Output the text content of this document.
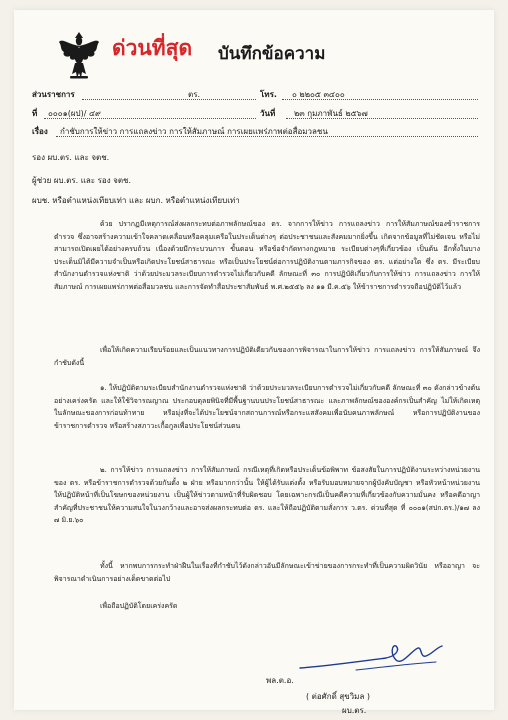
ด่วนที่สุด บันทึกข้อความ
ส่วนราชการ	ตร.	โทร. ๐ ๒๒๐๕ ๓๔๐๐
ที่ ๐๐๐๑(ผป)/ ๔๙	วันที่ ๒๓ กุมภาพันธ์ ๒๕๖๗
เรื่อง กำชับการให้ข่าว การแถลงข่าว การให้สัมภาษณ์ การเผยแพร่ภาพต่อสื่อมวลชน
รอง ผบ.ตร. และ จตช.
ผู้ช่วย ผบ.ตร. และ รอง จตช.
ผบช. หรือตำแหน่งเทียบเท่า และ ผบก. หรือตำแหน่งเทียบเท่า

ด้วย ปรากฏมีเหตุการณ์ส่งผลกระทบต่อภาพลักษณ์ของ ตร. จากการให้ข่าว การแถลงข่าว การให้สัมภาษณ์ของข้าราชการตำรวจ ซึ่งอาจสร้างความเข้าใจคลาดเคลื่อนหรือคลุมเครือในประเด็นต่างๆ ต่อประชาชนและสังคมมากยิ่งขึ้น เกิดจากข้อมูลที่ไม่ชัดเจน หรือไม่สามารถเปิดเผยได้อย่างครบถ้วน เนื่องด้วยมีกระบวนการ ขั้นตอน หรือข้อจำกัดทางกฎหมาย ระเบียบต่างๆที่เกี่ยวข้อง เป็นต้น อีกทั้งในบางประเด็นมิได้มีความจำเป็นหรือเกิดประโยชน์สาธารณะ หรือเป็นประโยชน์ต่อการปฏิบัติงานตามภารกิจของ ตร. แต่อย่างใด ซึ่ง ตร. มีระเบียบสำนักงานตำรวจแห่งชาติ ว่าด้วยประมวลระเบียบการตำรวจไม่เกี่ยวกับคดี ลักษณะที่ ๓๐ การปฏิบัติเกี่ยวกับการให้ข่าว การแถลงข่าว การให้สัมภาษณ์ การเผยแพร่ภาพต่อสื่อมวลชน และการจัดทำสื่อประชาสัมพันธ์ พ.ศ.๒๕๕๖ ลง ๑๑ มี.ค.๕๖ ให้ข้าราชการตำรวจถือปฏิบัติไว้แล้ว

เพื่อให้เกิดความเรียบร้อยและเป็นแนวทางการปฏิบัติเดียวกันของการพิจารณาในการให้ข่าว การแถลงข่าว การให้สัมภาษณ์ จึงกำชับดังนี้

๑. ให้ปฏิบัติตามระเบียบสำนักงานตำรวจแห่งชาติ ว่าด้วยประมวลระเบียบการตำรวจไม่เกี่ยวกับคดี ลักษณะที่ ๓๐ ดังกล่าวข้างต้นอย่างเคร่งครัด และให้ใช้วิจารณญาณ ประกอบดุลยพินิจที่มีพื้นฐานบนประโยชน์สาธารณะ และภาพลักษณ์ขององค์กรเป็นสำคัญ ไม่ให้เกิดเหตุในลักษณะของการก่อนท้าทาย หรือมุ่งที่จะได้ประโยชน์จากสถานการณ์หรือกระแสสังคมเพื่อนับคนภาพลักษณ์ หรือการปฏิบัติงานของข้าราชการตำรวจ หรือสร้างสภาวะเกื้อกูลเพื่อประโยชน์ส่วนตน

๒. การให้ข่าว การแถลงข่าว การให้สัมภาษณ์ กรณีเหตุที่เกิดหรือประเด็นข้อพิพาท ข้อสงสัยในการปฏิบัติงานระหว่างหน่วยงานของ ตร. หรือข้าราชการตำรวจด้วยกันตั้ง ๒ ฝ่าย หรือมากกว่านั้น ให้ผู้ได้รับแต่งตั้ง หรือรับมอบหมายจากผู้บังคับบัญชา หรือหัวหน้าหน่วยงาน ให้ปฏิบัติหน้าที่เป็นโฆษกของหน่วยงาน เป็นผู้ให้ข่าวตามหน้าที่รับผิดชอบ โดยเฉพาะกรณีเป็นคดีความที่เกี่ยวข้องกับความมั่นคง หรือคดีอาญาสำคัญที่ประชาชนให้ความสนใจในวงกว้างและอาจส่งผลกระทบต่อ ตร. และให้ถือปฏิบัติตามสั่งการ ว.ตร. ด่วนที่สุด ที่ ๐๐๐๑(สปก.ตร.)/๑๗ ลง ๗ มิ.ย.๖๐

ทั้งนี้ หากพบการกระทำฝ่าฝืนในเรื่องที่กำชับไว้ดังกล่าวอันมีลักษณะเข้าข่ายของการกระทำที่เป็นความผิดวินัย หรืออาญา จะพิจารณาดำเนินการอย่างเด็ดขาดต่อไป

เพื่อถือปฏิบัติโดยเคร่งครัด

พล.ต.อ.
( ต่อศักดิ์ สุขวิมล )
ผบ.ตร.
